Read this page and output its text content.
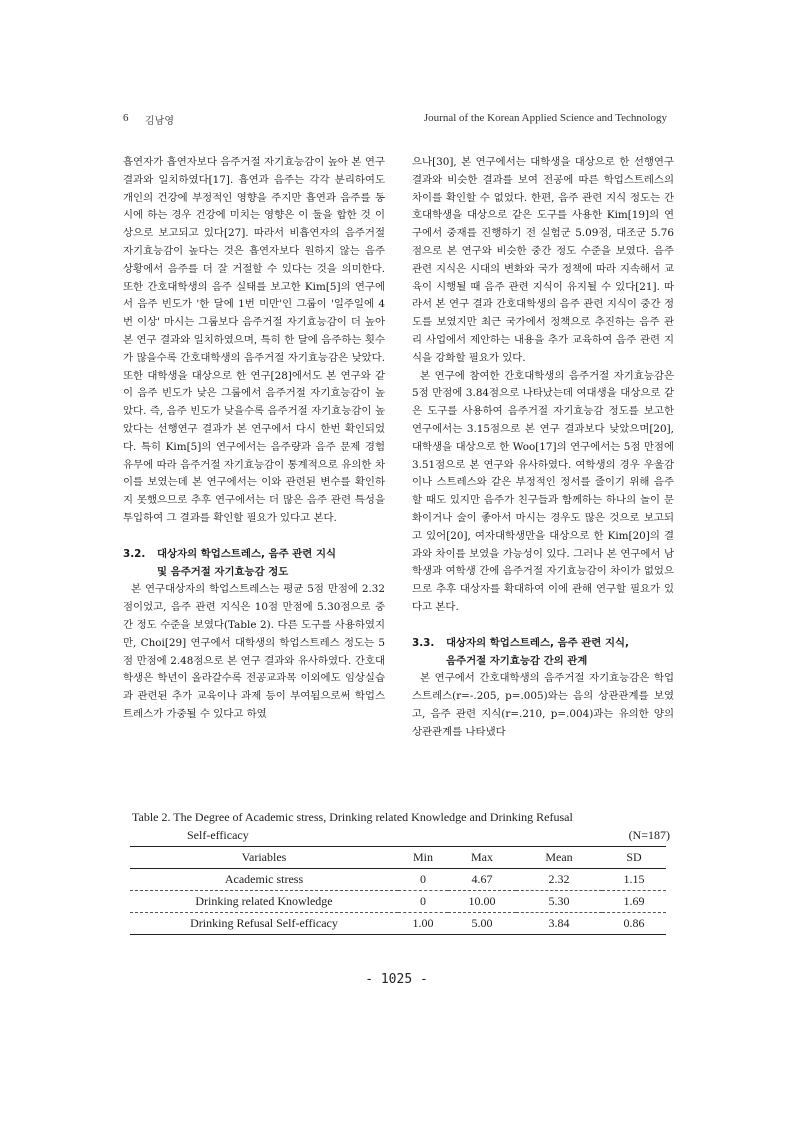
6 김남영	Journal of the Korean Applied Science and Technology

흡연자가 흡연자보다 음주거절 자기효능감이 높아 본 연구 결과와 일치하였다[17]. 흡연과 음주는 각각 분리하여도 개인의 건강에 부정적인 영향을 주지만 흡연과 음주를 동시에 하는 경우 건강에 미치는 영향은 이 둘을 합한 것 이상으로 보고되고 있다[27]. 따라서 비흡연자의 음주거절 자기효능감이 높다는 것은 흡연자보다 원하지 않는 음주 상황에서 음주를 더 잘 거절할 수 있다는 것을 의미한다. 또한 간호대학생의 음주 실태를 보고한 Kim[5]의 연구에서 음주 빈도가 '한 달에 1번 미만'인 그룹이 '일주일에 4번 이상' 마시는 그룹보다 음주거절 자기효능감이 더 높아 본 연구 결과와 일치하였으며, 특히 한 달에 음주하는 횟수가 많을수록 간호대학생의 음주거절 자기효능감은 낮았다. 또한 대학생을 대상으로 한 연구[28]에서도 본 연구와 같이 음주 빈도가 낮은 그룹에서 음주거절 자기효능감이 높았다. 즉, 음주 빈도가 낮을수록 음주거절 자기효능감이 높았다는 선행연구 결과가 본 연구에서 다시 한번 확인되었다. 특히 Kim[5]의 연구에서는 음주량과 음주 문제 경험 유무에 따라 음주거절 자기효능감이 통계적으로 유의한 차이를 보였는데 본 연구에서는 이와 관련된 변수를 확인하지 못했으므로 추후 연구에서는 더 많은 음주 관련 특성을 투입하여 그 결과를 확인할 필요가 있다고 본다.

3.2. 대상자의 학업스트레스, 음주 관련 지식
및 음주거절 자기효능감 정도

본 연구대상자의 학업스트레스는 평균 5점 만점에 2.32점이었고, 음주 관련 지식은 10점 만점에 5.30점으로 중간 정도 수준을 보였다(Table 2). 다른 도구를 사용하였지만, Choi[29] 연구에서 대학생의 학업스트레스 정도는 5점 만점에 2.48점으로 본 연구 결과와 유사하였다. 간호대학생은 학년이 올라갈수록 전공교과목 이외에도 임상실습과 관련된 추가 교육이나 과제 등이 부여됨으로써 학업스트레스가 가중될 수 있다고 하였

으나[30], 본 연구에서는 대학생을 대상으로 한 선행연구 결과와 비슷한 결과를 보여 전공에 따른 학업스트레스의 차이를 확인할 수 없었다. 한편, 음주 관련 지식 정도는 간호대학생을 대상으로 같은 도구를 사용한 Kim[19]의 연구에서 중재를 진행하기 전 실험군 5.09점, 대조군 5.76점으로 본 연구와 비슷한 중간 정도 수준을 보였다. 음주 관련 지식은 시대의 변화와 국가 정책에 따라 지속해서 교육이 시행될 때 음주 관련 지식이 유지될 수 있다[21]. 따라서 본 연구 결과 간호대학생의 음주 관련 지식이 중간 정도를 보였지만 최근 국가에서 정책으로 추진하는 음주 관리 사업에서 제안하는 내용을 추가 교육하여 음주 관련 지식을 강화할 필요가 있다.

본 연구에 참여한 간호대학생의 음주거절 자기효능감은 5점 만점에 3.84점으로 나타났는데 여대생을 대상으로 같은 도구를 사용하여 음주거절 자기효능감 정도를 보고한 연구에서는 3.15점으로 본 연구 결과보다 낮았으며[20], 대학생을 대상으로 한 Woo[17]의 연구에서는 5점 만점에 3.51점으로 본 연구와 유사하였다. 여학생의 경우 우울감이나 스트레스와 같은 부정적인 정서를 줄이기 위해 음주할 때도 있지만 음주가 친구들과 함께하는 하나의 놀이 문화이거나 술이 좋아서 마시는 경우도 많은 것으로 보고되고 있어[20], 여자대학생만을 대상으로 한 Kim[20]의 결과와 차이를 보였을 가능성이 있다. 그러나 본 연구에서 남학생과 여학생 간에 음주거절 자기효능감이 차이가 없었으므로 추후 대상자를 확대하여 이에 관해 연구할 필요가 있다고 본다.

3.3. 대상자의 학업스트레스, 음주 관련 지식,
음주거절 자기효능감 간의 관계

본 연구에서 간호대학생의 음주거절 자기효능감은 학업스트레스(r=-.205, p=.005)와는 음의 상관관계를 보였고, 음주 관련 지식(r=.210, p=.004)과는 유의한 양의 상관관계를 나타냈다

Table 2. The Degree of Academic stress, Drinking related Knowledge and Drinking Refusal
Self-efficacy	(N=187)
Variables	Min	Max	Mean	SD
Academic stress	0	4.67	2.32	1.15
Drinking related Knowledge	0	10.00	5.30	1.69
Drinking Refusal Self-efficacy	1.00	5.00	3.84	0.86
- 1025 -
